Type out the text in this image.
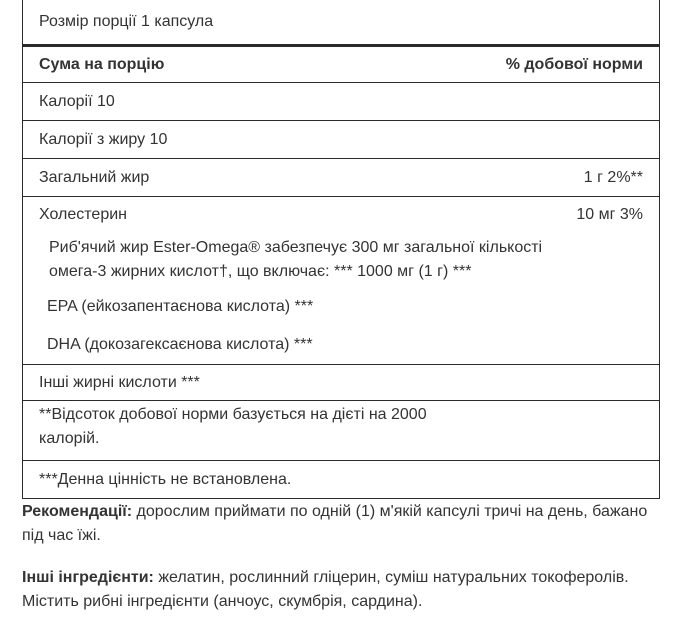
Розмір порції 1 капсула
Сума на порцію	% добової норми
Калорії 10
Калорії з жиру 10
Загальний жир	1 г 2%**
Холестерин	10 мг 3%
Риб'ячий жир Ester-Omega® забезпечує 300 мг загальної кількості омега-3 жирних кислот†, що включає: *** 1000 мг (1 г) ***
EPA (ейкозапентаєнова кислота) ***
DHA (докозагексаєнова кислота) ***
Інші жирні кислоти ***
**Відсоток добової норми базується на дієті на 2000 калорій.
***Денна цінність не встановлена.
Рекомендації: дорослим приймати по одній (1) м'якій капсулі тричі на день, бажано під час їжі.
Інші інгредієнти: желатин, рослинний гліцерин, суміш натуральних токоферолів. Містить рибні інгредієнти (анчоус, скумбрія, сардина).
